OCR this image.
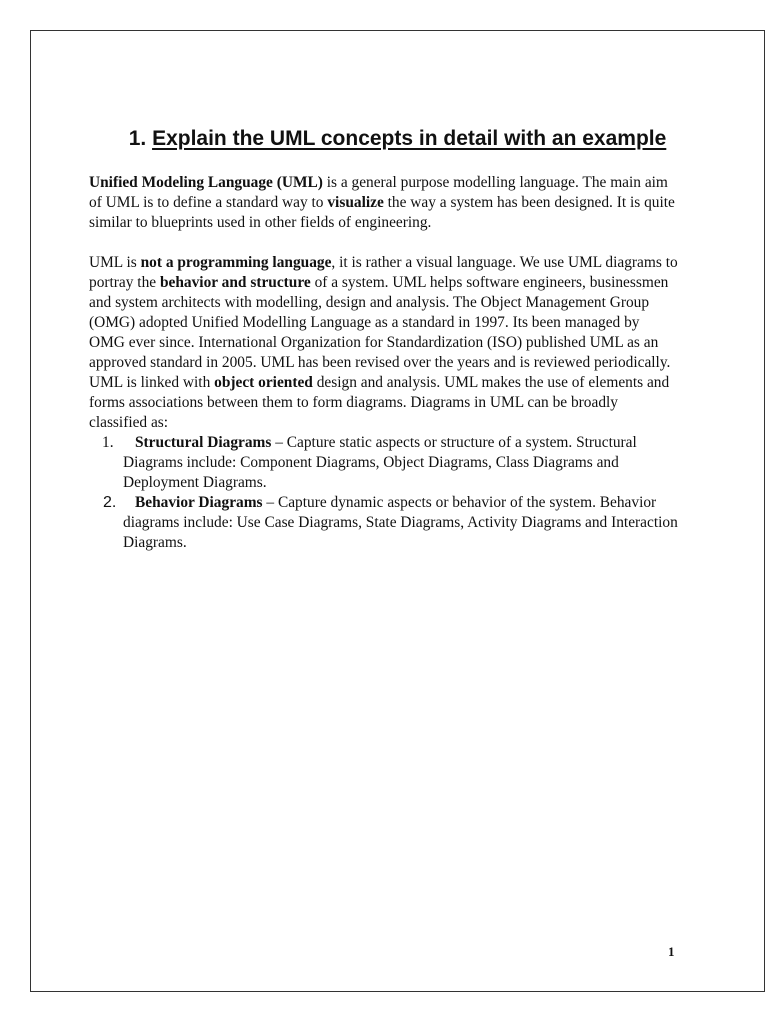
1. Explain the UML concepts in detail with an example

Unified Modeling Language (UML) is a general purpose modelling language. The main aim of UML is to define a standard way to visualize the way a system has been designed. It is quite similar to blueprints used in other fields of engineering.

UML is not a programming language, it is rather a visual language. We use UML diagrams to portray the behavior and structure of a system. UML helps software engineers, businessmen and system architects with modelling, design and analysis. The Object Management Group (OMG) adopted Unified Modelling Language as a standard in 1997. Its been managed by OMG ever since. International Organization for Standardization (ISO) published UML as an approved standard in 2005. UML has been revised over the years and is reviewed periodically.

UML is linked with object oriented design and analysis. UML makes the use of elements and forms associations between them to form diagrams. Diagrams in UML can be broadly classified as:

1. Structural Diagrams – Capture static aspects or structure of a system. Structural Diagrams include: Component Diagrams, Object Diagrams, Class Diagrams and Deployment Diagrams.
2. Behavior Diagrams – Capture dynamic aspects or behavior of the system. Behavior diagrams include: Use Case Diagrams, State Diagrams, Activity Diagrams and Interaction Diagrams.
1
